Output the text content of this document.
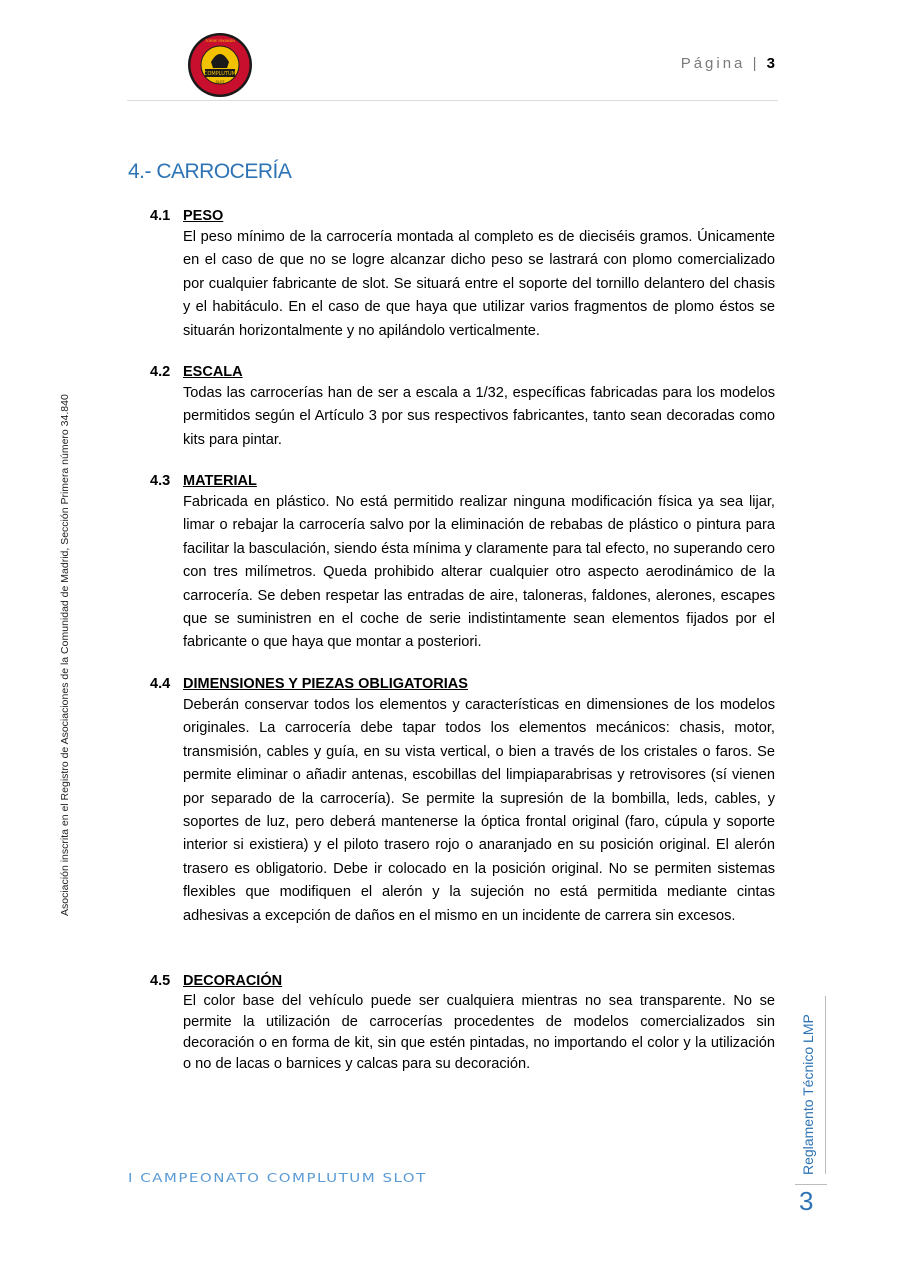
COMPLUTUM
SLOT
TORRE PAYANDÚ
Página | 3
4.- CARROCERÍA
4.1 PESO

El peso mínimo de la carrocería montada al completo es de dieciséis gramos. Únicamente en el caso de que no se logre alcanzar dicho peso se lastrará con plomo comercializado por cualquier fabricante de slot. Se situará entre el soporte del tornillo delantero del chasis y el habitáculo. En el caso de que haya que utilizar varios fragmentos de plomo éstos se situarán horizontalmente y no apilándolo verticalmente.

4.2 ESCALA

Todas las carrocerías han de ser a escala a 1/32, específicas fabricadas para los modelos permitidos según el Artículo 3 por sus respectivos fabricantes, tanto sean decoradas como kits para pintar.

4.3 MATERIAL

Fabricada en plástico. No está permitido realizar ninguna modificación física ya sea lijar, limar o rebajar la carrocería salvo por la eliminación de rebabas de plástico o pintura para facilitar la basculación, siendo ésta mínima y claramente para tal efecto, no superando cero con tres milímetros. Queda prohibido alterar cualquier otro aspecto aerodinámico de la carrocería. Se deben respetar las entradas de aire, taloneras, faldones, alerones, escapes que se suministren en el coche de serie indistintamente sean elementos fijados por el fabricante o que haya que montar a posteriori.

4.4 DIMENSIONES Y PIEZAS OBLIGATORIAS

Deberán conservar todos los elementos y características en dimensiones de los modelos originales. La carrocería debe tapar todos los elementos mecánicos: chasis, motor, transmisión, cables y guía, en su vista vertical, o bien a través de los cristales o faros. Se permite eliminar o añadir antenas, escobillas del limpiaparabrisas y retrovisores (sí vienen por separado de la carrocería). Se permite la supresión de la bombilla, leds, cables, y soportes de luz, pero deberá mantenerse la óptica frontal original (faro, cúpula y soporte interior si existiera) y el piloto trasero rojo o anaranjado en su posición original. El alerón trasero es obligatorio. Debe ir colocado en la posición original. No se permiten sistemas flexibles que modifiquen el alerón y la sujeción no está permitida mediante cintas adhesivas a excepción de daños en el mismo en un incidente de carrera sin excesos.

4.5 DECORACIÓN

El color base del vehículo puede ser cualquiera mientras no sea transparente. No se permite la utilización de carrocerías procedentes de modelos comercializados sin decoración o en forma de kit, sin que estén pintadas, no importando el color y la utilización o no de lacas o barnices y calcas para su decoración.

Asociación inscrita en el Registro de Asociaciones de la Comunidad de Madrid, Sección Primera número 34.840
Reglamento Técnico LMP
3
I CAMPEONATO COMPLUTUM SLOT
